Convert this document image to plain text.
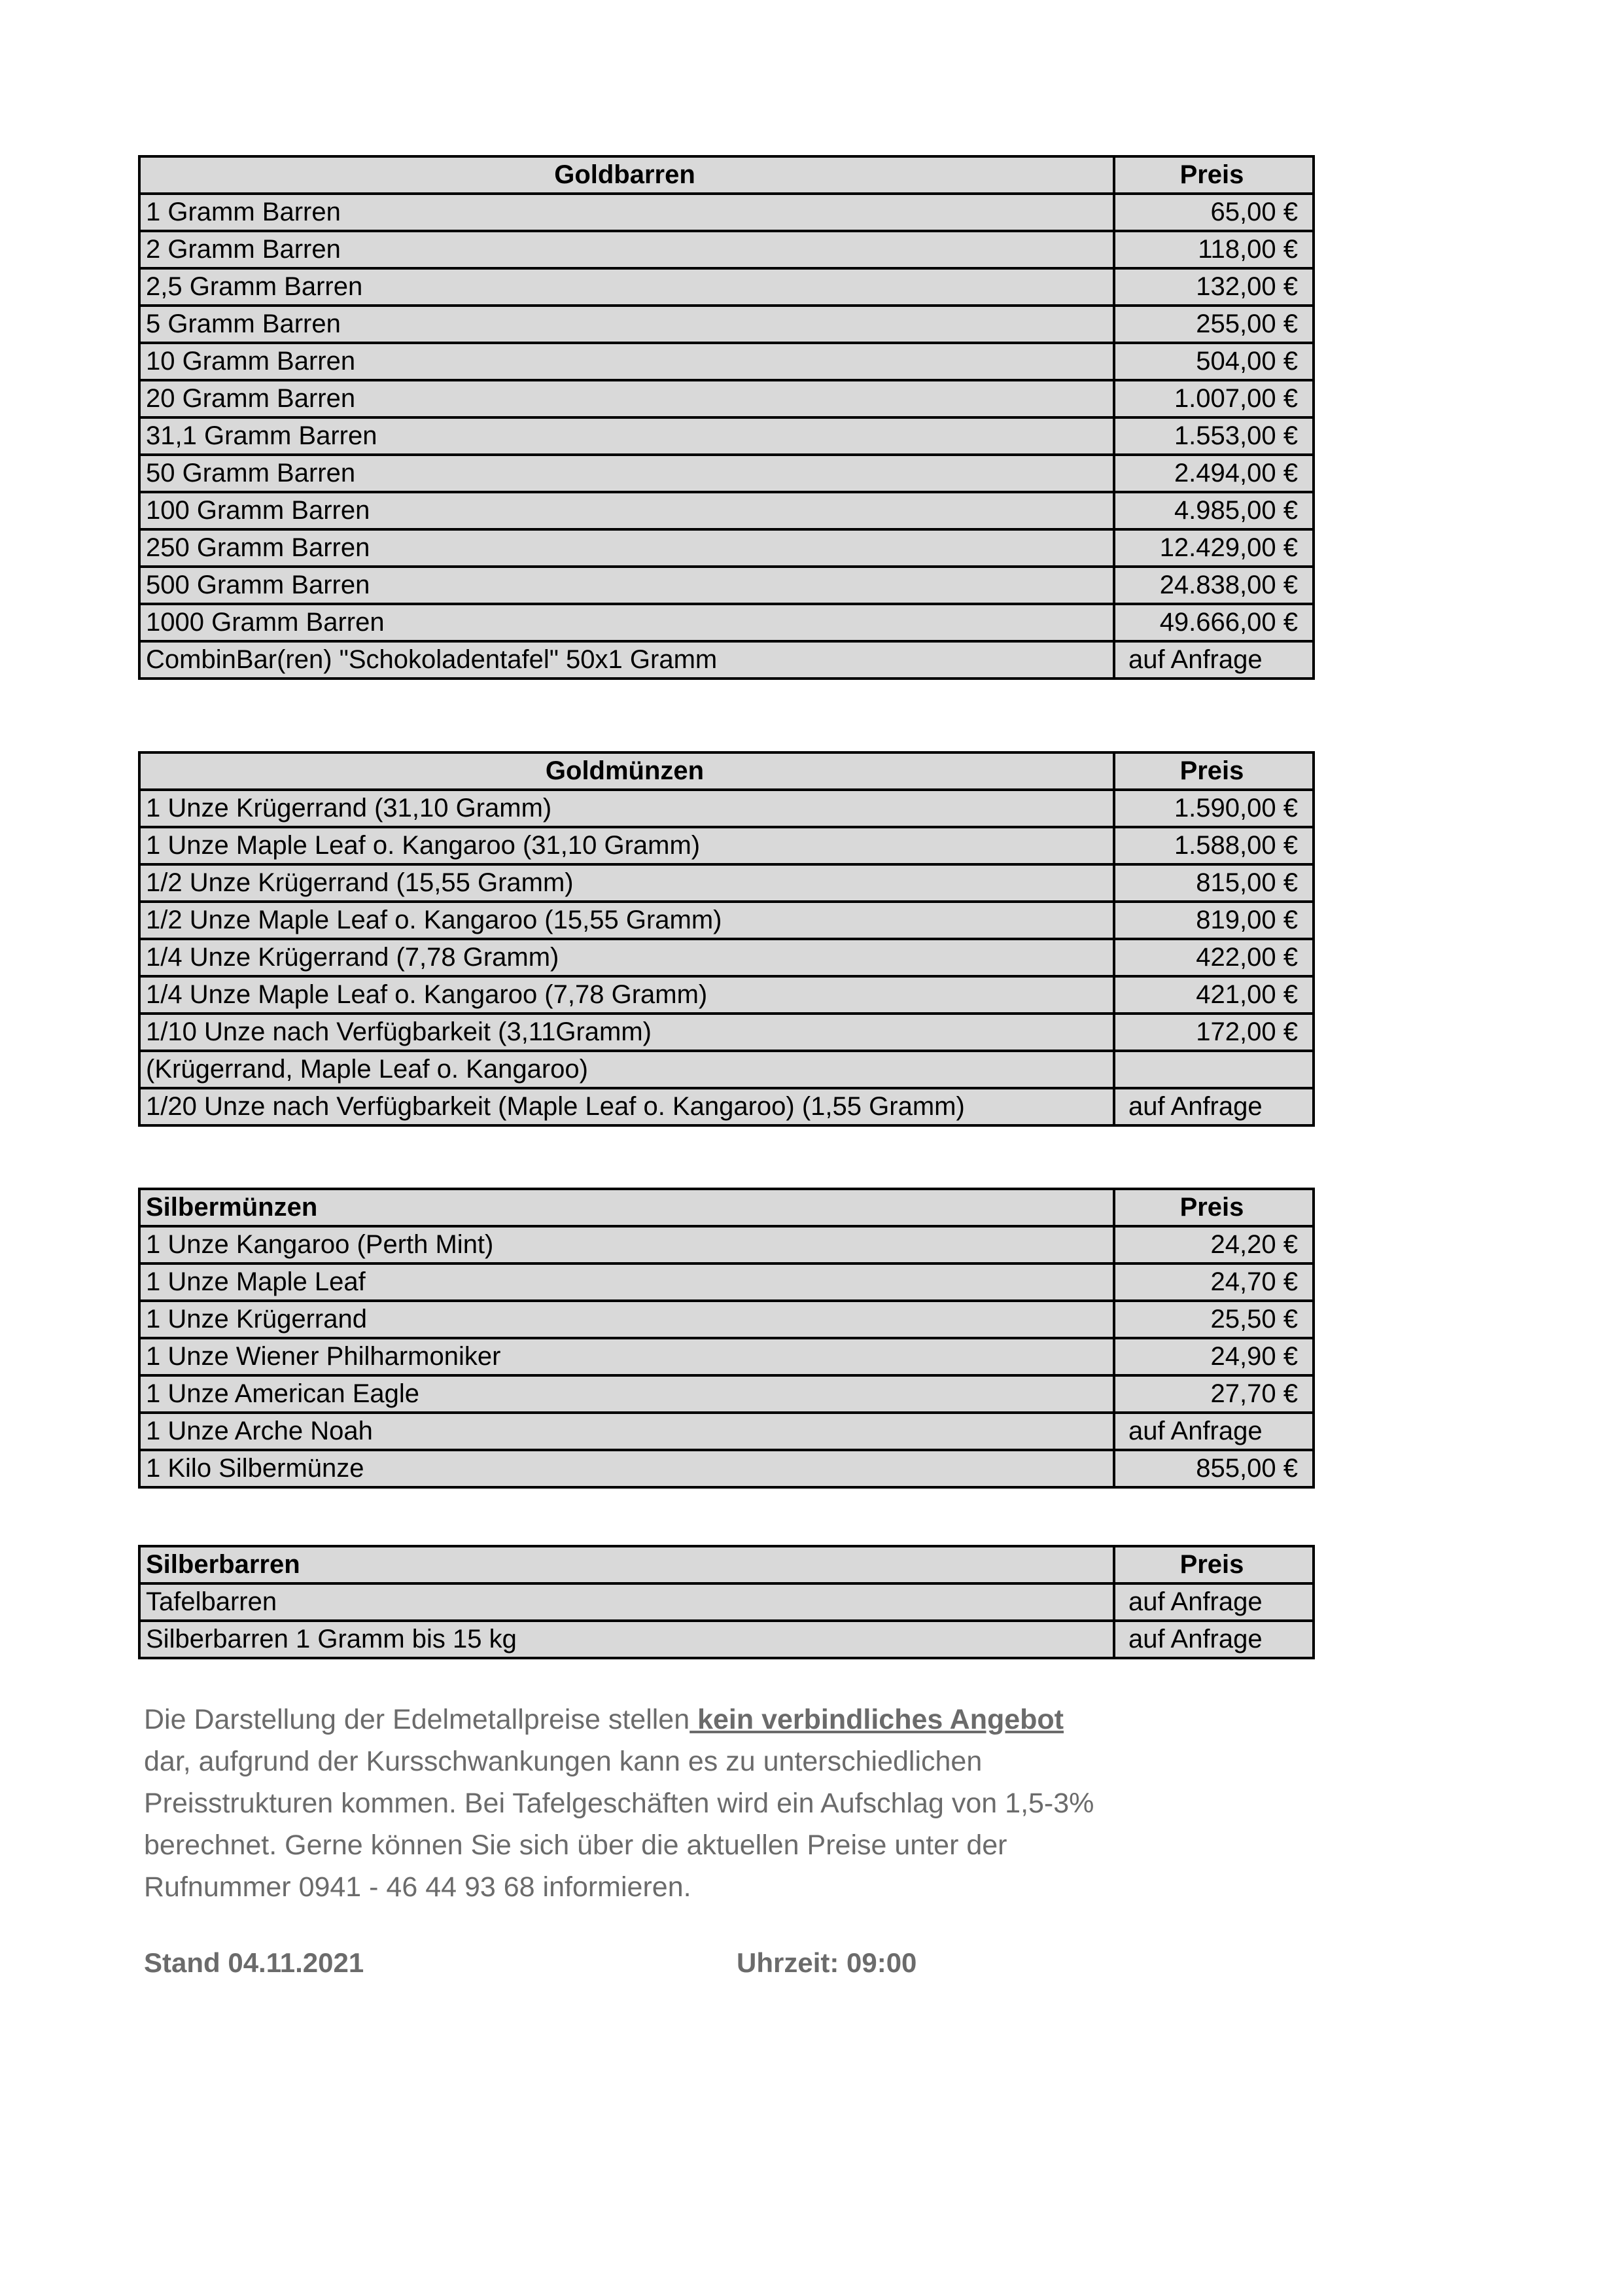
Goldbarren	Preis
1 Gramm Barren	65,00 €
2 Gramm Barren	118,00 €
2,5 Gramm Barren	132,00 €
5 Gramm Barren	255,00 €
10 Gramm Barren	504,00 €
20 Gramm Barren	1.007,00 €
31,1 Gramm Barren	1.553,00 €
50 Gramm Barren	2.494,00 €
100 Gramm Barren	4.985,00 €
250 Gramm Barren	12.429,00 €
500 Gramm Barren	24.838,00 €
1000 Gramm Barren	49.666,00 €
CombinBar(ren) "Schokoladentafel" 50x1 Gramm	auf Anfrage
Goldmünzen	Preis
1 Unze Krügerrand (31,10 Gramm)	1.590,00 €
1 Unze Maple Leaf o. Kangaroo (31,10 Gramm)	1.588,00 €
1/2 Unze Krügerrand (15,55 Gramm)	815,00 €
1/2 Unze Maple Leaf o. Kangaroo (15,55 Gramm)	819,00 €
1/4 Unze Krügerrand (7,78 Gramm)	422,00 €
1/4 Unze Maple Leaf o. Kangaroo (7,78 Gramm)	421,00 €
1/10 Unze nach Verfügbarkeit (3,11Gramm)	172,00 €
(Krügerrand, Maple Leaf o. Kangaroo)	
1/20 Unze nach Verfügbarkeit (Maple Leaf o. Kangaroo) (1,55 Gramm)	auf Anfrage
Silbermünzen	Preis
1 Unze Kangaroo (Perth Mint)	24,20 €
1 Unze Maple Leaf	24,70 €
1 Unze Krügerrand	25,50 €
1 Unze Wiener Philharmoniker	24,90 €
1 Unze American Eagle	27,70 €
1 Unze Arche Noah	auf Anfrage
1 Kilo Silbermünze	855,00 €
Silberbarren	Preis
Tafelbarren	auf Anfrage
Silberbarren 1 Gramm bis 15 kg	auf Anfrage
Die Darstellung der Edelmetallpreise stellen kein verbindliches Angebot
dar, aufgrund der Kursschwankungen kann es zu unterschiedlichen Preisstrukturen kommen. Bei Tafelgeschäften wird ein Aufschlag von 1,5-3% berechnet. Gerne können Sie sich über die aktuellen Preise unter der Rufnummer 0941 - 46 44 93 68 informieren.
Stand 04.11.2021	Uhrzeit: 09:00
